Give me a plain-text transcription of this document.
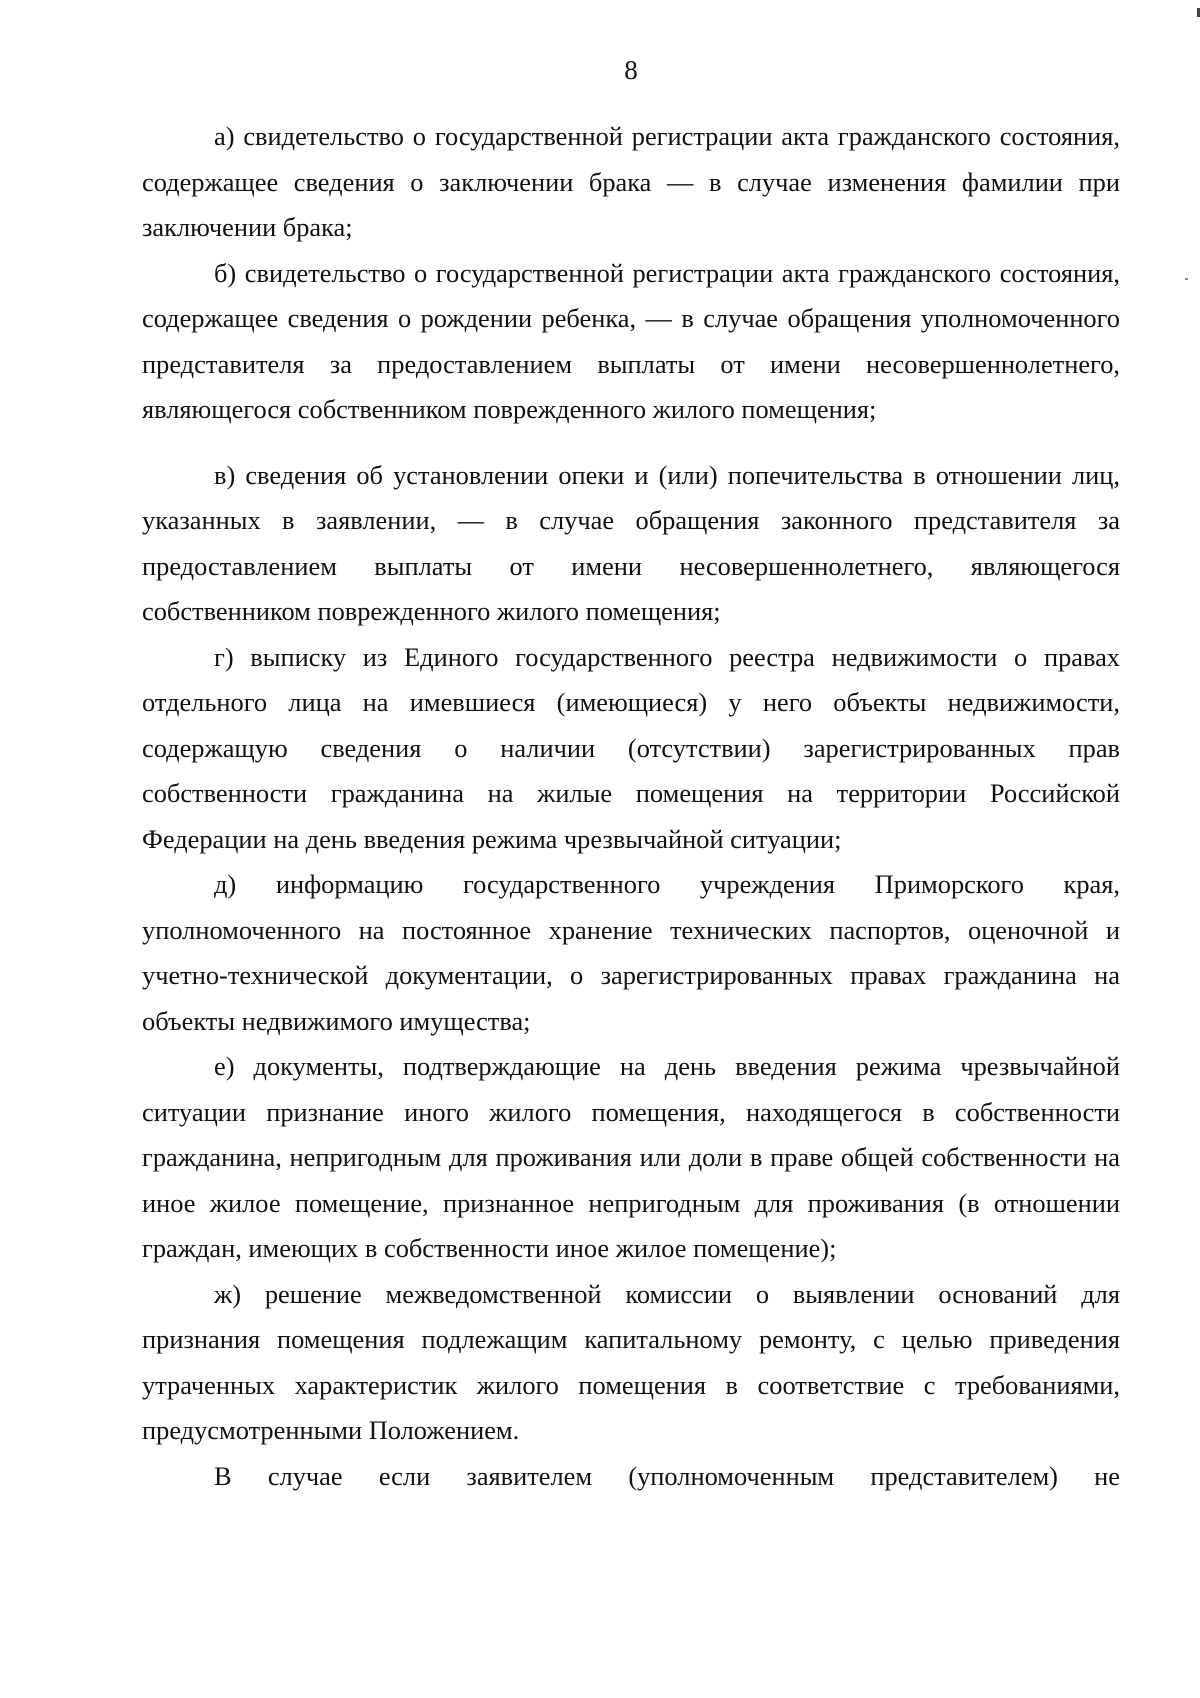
8

а) свидетельство о государственной регистрации акта гражданского состояния, содержащее сведения о заключении брака — в случае изменения фамилии при заключении брака;

б) свидетельство о государственной регистрации акта гражданского состояния, содержащее сведения о рождении ребенка, — в случае обращения уполномоченного представителя за предоставлением выплаты от имени несовершеннолетнего, являющегося собственником поврежденного жилого помещения;

в) сведения об установлении опеки и (или) попечительства в отношении лиц, указанных в заявлении, — в случае обращения законного представителя за предоставлением выплаты от имени несовершеннолетнего, являющегося собственником поврежденного жилого помещения;

г) выписку из Единого государственного реестра недвижимости о правах отдельного лица на имевшиеся (имеющиеся) у него объекты недвижимости, содержащую сведения о наличии (отсутствии) зарегистрированных прав собственности гражданина на жилые помещения на территории Российской Федерации на день введения режима чрезвычайной ситуации;

д) информацию государственного учреждения Приморского края, уполномоченного на постоянное хранение технических паспортов, оценочной и учетно-технической документации, о зарегистрированных правах гражданина на объекты недвижимого имущества;

е) документы, подтверждающие на день введения режима чрезвычайной ситуации признание иного жилого помещения, находящегося в собственности гражданина, непригодным для проживания или доли в праве общей собственности на иное жилое помещение, признанное непригодным для проживания (в отношении граждан, имеющих в собственности иное жилое помещение);

ж) решение межведомственной комиссии о выявлении оснований для признания помещения подлежащим капитальному ремонту, с целью приведения утраченных характеристик жилого помещения в соответствие с требованиями, предусмотренными Положением.

В случае если заявителем (уполномоченным представителем) не
